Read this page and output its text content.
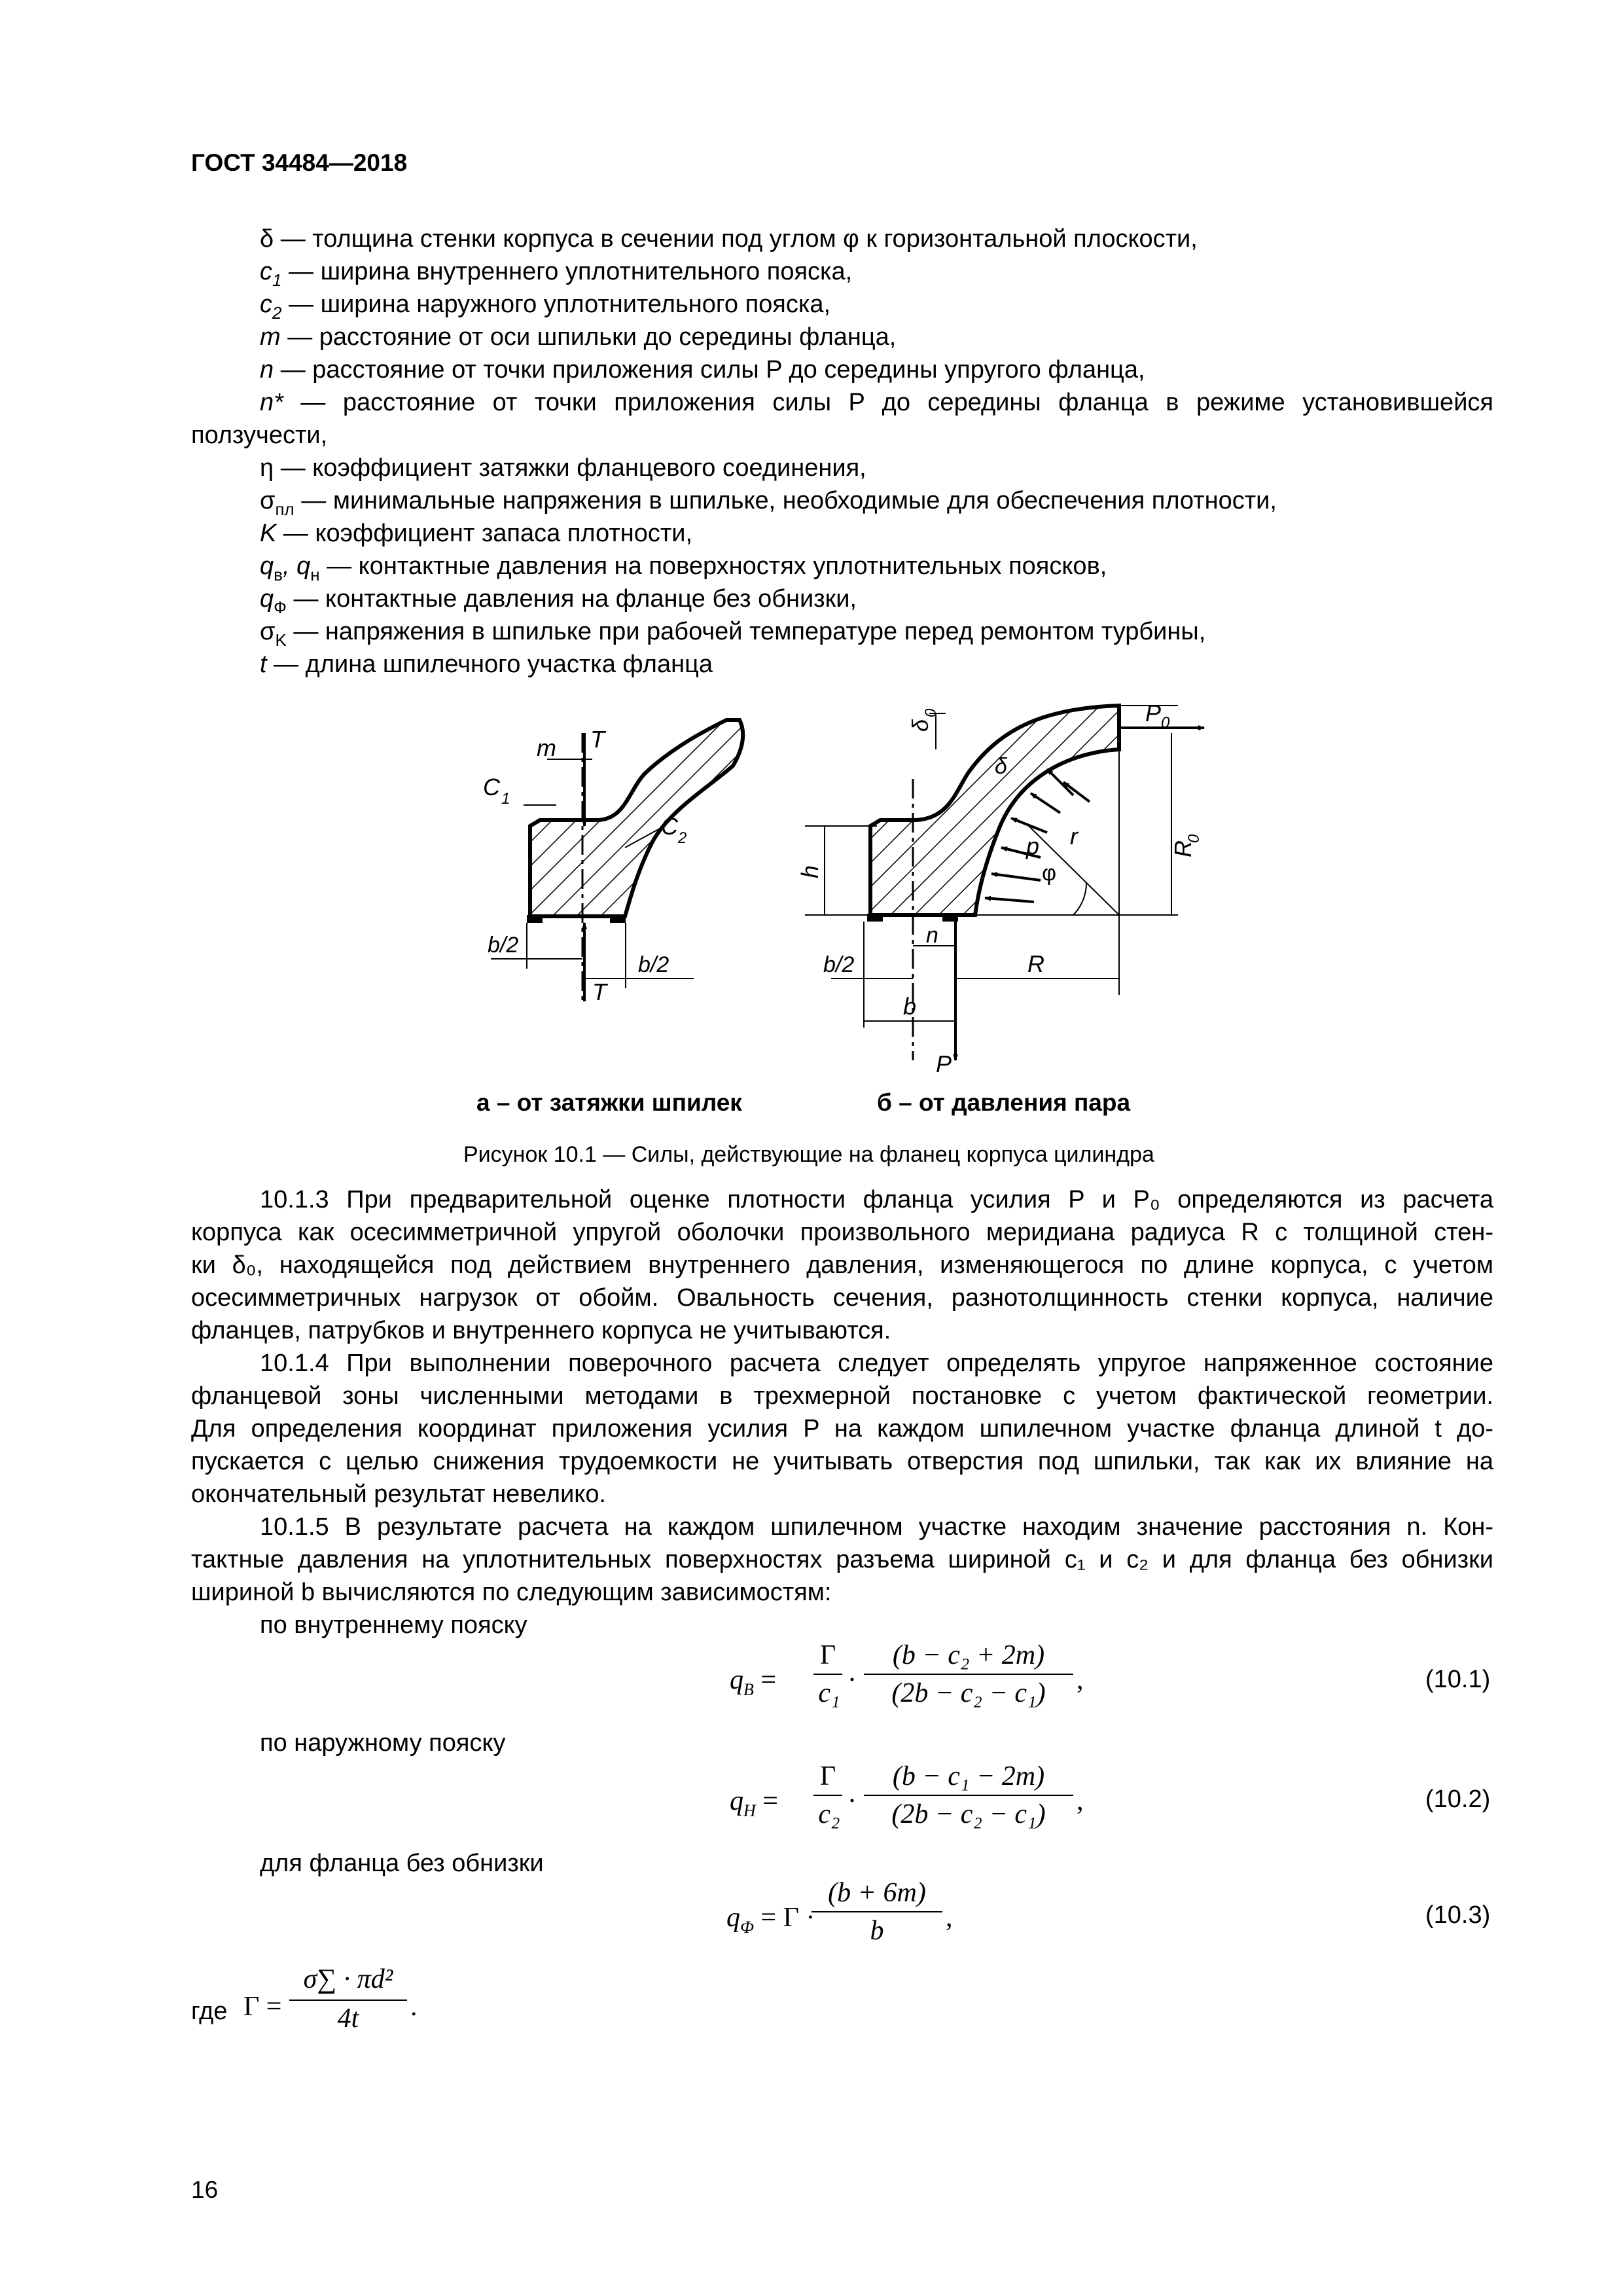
ГОСТ 34484—2018
δ — толщина стенки корпуса в сечении под углом φ к горизонтальной плоскости,
$c_1$ — ширина внутреннего уплотнительного пояска,
$c_2$ — ширина наружного уплотнительного пояска,
m — расстояние от оси шпильки до середины фланца,
n — расстояние от точки приложения силы P до середины упругого фланца,
n* — расстояние от точки приложения силы P до середины фланца в режиме установившейся
ползучести,
η — коэффициент затяжки фланцевого соединения,
$\sigma_{пл}$ — минимальные напряжения в шпильке, необходимые для обеспечения плотности,
K — коэффициент запаса плотности,
$q_в$, $q_н$ — контактные давления на поверхностях уплотнительных поясков,
$q_Ф$ — контактные давления на фланце без обнизки,
$\sigma_K$ — напряжения в шпильке при рабочей температуре перед ремонтом турбины,
t — длина шпилечного участка фланца
m T
C 1
C 2
b/2
b/2
T
δ
0	P 0
δ
p r
φ
R
0
h
n
b/2	R
b
P
а – от затяжки шпилек	б – от давления пара
Рисунок 10.1 — Силы, действующие на фланец корпуса цилиндра
10.1.3 При предварительной оценке плотности фланца усилия P и P₀ определяются из расчета
корпуса как осесимметричной упругой оболочки произвольного меридиана радиуса R с толщиной стен-
ки δ₀, находящейся под действием внутреннего давления, изменяющегося по длине корпуса, с учетом
осесимметричных нагрузок от обойм. Овальность сечения, разнотолщинность стенки корпуса, наличие
фланцев, патрубков и внутреннего корпуса не учитываются.
10.1.4 При выполнении поверочного расчета следует определять упругое напряженное состояние
фланцевой зоны численными методами в трехмерной постановке с учетом фактической геометрии.
Для определения координат приложения усилия P на каждом шпилечном участке фланца длиной t до-
пускается с целью снижения трудоемкости не учитывать отверстия под шпильки, так как их влияние на
окончательный результат невелико.
10.1.5 В результате расчета на каждом шпилечном участке находим значение расстояния n. Кон-
тактные давления на уплотнительных поверхностях разъема шириной c₁ и c₂ и для фланца без обнизки
шириной b вычисляются по следующим зависимостям:
по внутреннему пояску
$q_B$ =
Γ
c₁ ·
(b − c₂ + 2m)
(2b − c₂ − c₁)	,	(10.1)
по наружному пояску
$q_H$ =
Γ
c₂ ·
(b − c₁ − 2m)
(2b − c₂ − c₁)	,	(10.2)
для фланца без обнизки
$q_Ф = \Gamma$ ·
(b + 6m)
b	,	(10.3)
где Γ =
σ∑ · πd²
4t	.
16
